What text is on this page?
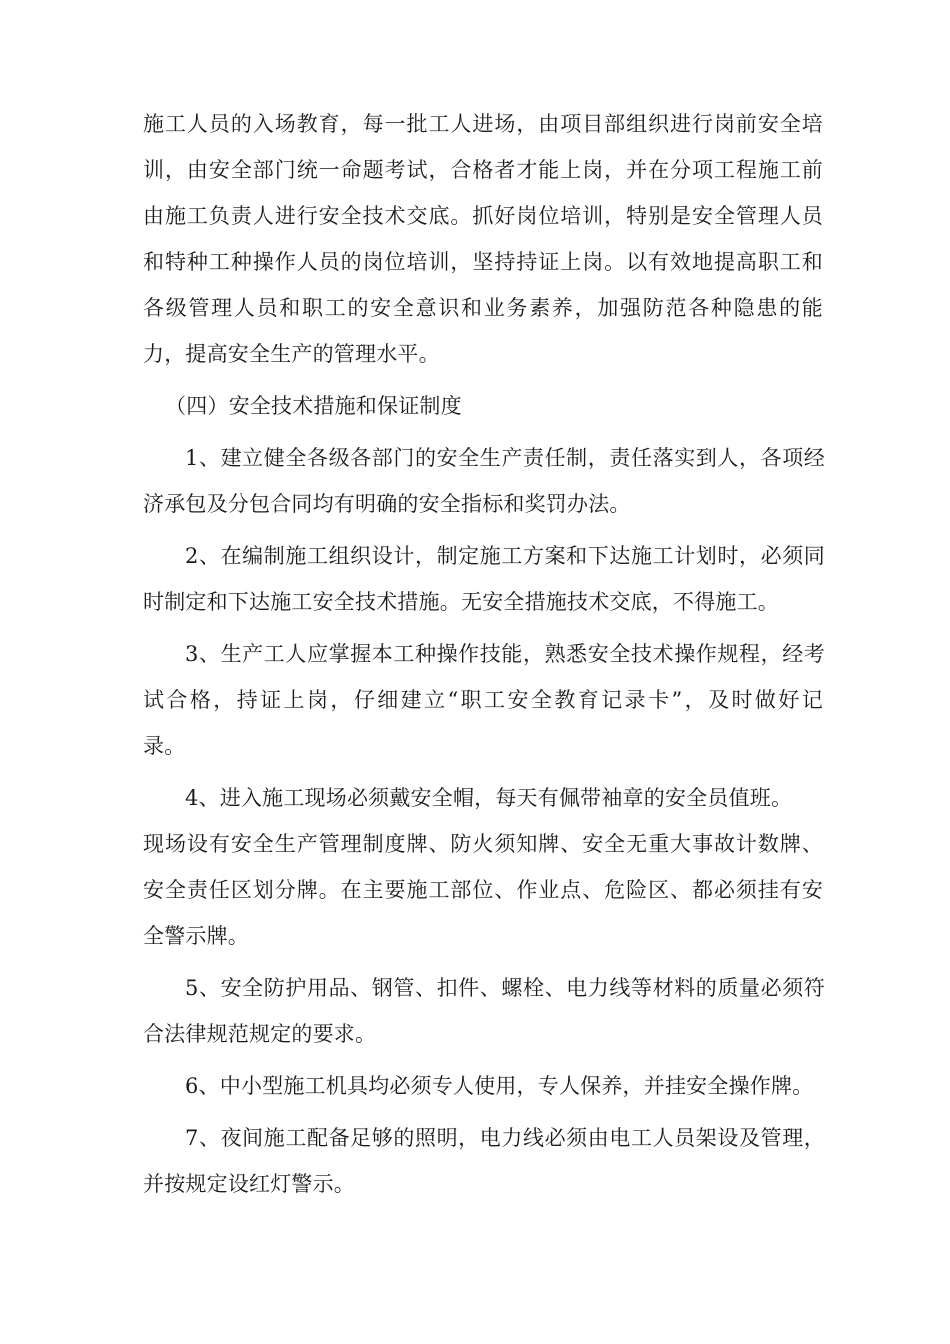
施工人员的入场教育，每一批工人进场，由项目部组织进行岗前安全培
训，由安全部门统一命题考试，合格者才能上岗，并在分项工程施工前
由施工负责人进行安全技术交底。抓好岗位培训，特别是安全管理人员
和特种工种操作人员的岗位培训，坚持持证上岗。以有效地提高职工和
各级管理人员和职工的安全意识和业务素养，加强防范各种隐患的能
力，提高安全生产的管理水平。
（四）安全技术措施和保证制度
1、建立健全各级各部门的安全生产责任制，责任落实到人，各项经
济承包及分包合同均有明确的安全指标和奖罚办法。
2、在编制施工组织设计，制定施工方案和下达施工计划时，必须同
时制定和下达施工安全技术措施。无安全措施技术交底，不得施工。
3、生产工人应掌握本工种操作技能，熟悉安全技术操作规程，经考
试合格，持证上岗，仔细建立“职工安全教育记录卡”，及时做好记
录。
4、进入施工现场必须戴安全帽，每天有佩带袖章的安全员值班。
现场设有安全生产管理制度牌、防火须知牌、安全无重大事故计数牌、
安全责任区划分牌。在主要施工部位、作业点、危险区、都必须挂有安
全警示牌。
5、安全防护用品、钢管、扣件、螺栓、电力线等材料的质量必须符
合法律规范规定的要求。
6、中小型施工机具均必须专人使用，专人保养，并挂安全操作牌。
7、夜间施工配备足够的照明，电力线必须由电工人员架设及管理，
并按规定设红灯警示。
